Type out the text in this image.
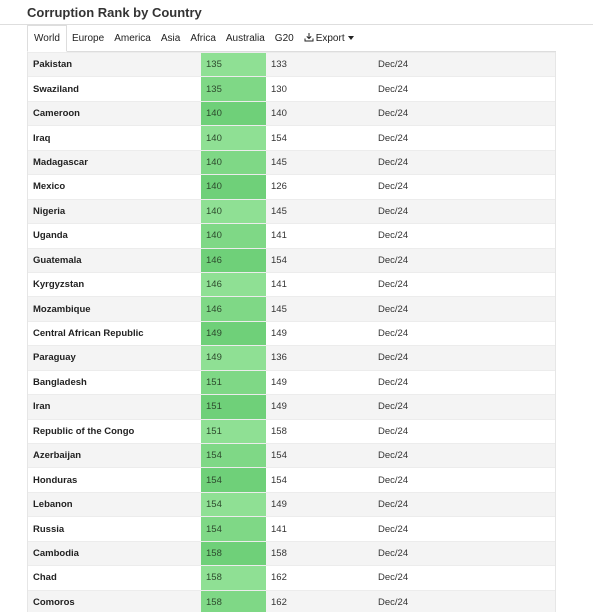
Corruption Rank by Country
World	Europe	America	Asia	Africa	Australia	G20	Export
Pakistan	135	133	Dec/24
Swaziland	135	130	Dec/24
Cameroon	140	140	Dec/24
Iraq	140	154	Dec/24
Madagascar	140	145	Dec/24
Mexico	140	126	Dec/24
Nigeria	140	145	Dec/24
Uganda	140	141	Dec/24
Guatemala	146	154	Dec/24
Kyrgyzstan	146	141	Dec/24
Mozambique	146	145	Dec/24
Central African Republic	149	149	Dec/24
Paraguay	149	136	Dec/24
Bangladesh	151	149	Dec/24
Iran	151	149	Dec/24
Republic of the Congo	151	158	Dec/24
Azerbaijan	154	154	Dec/24
Honduras	154	154	Dec/24
Lebanon	154	149	Dec/24
Russia	154	141	Dec/24
Cambodia	158	158	Dec/24
Chad	158	162	Dec/24
Comoros	158	162	Dec/24
